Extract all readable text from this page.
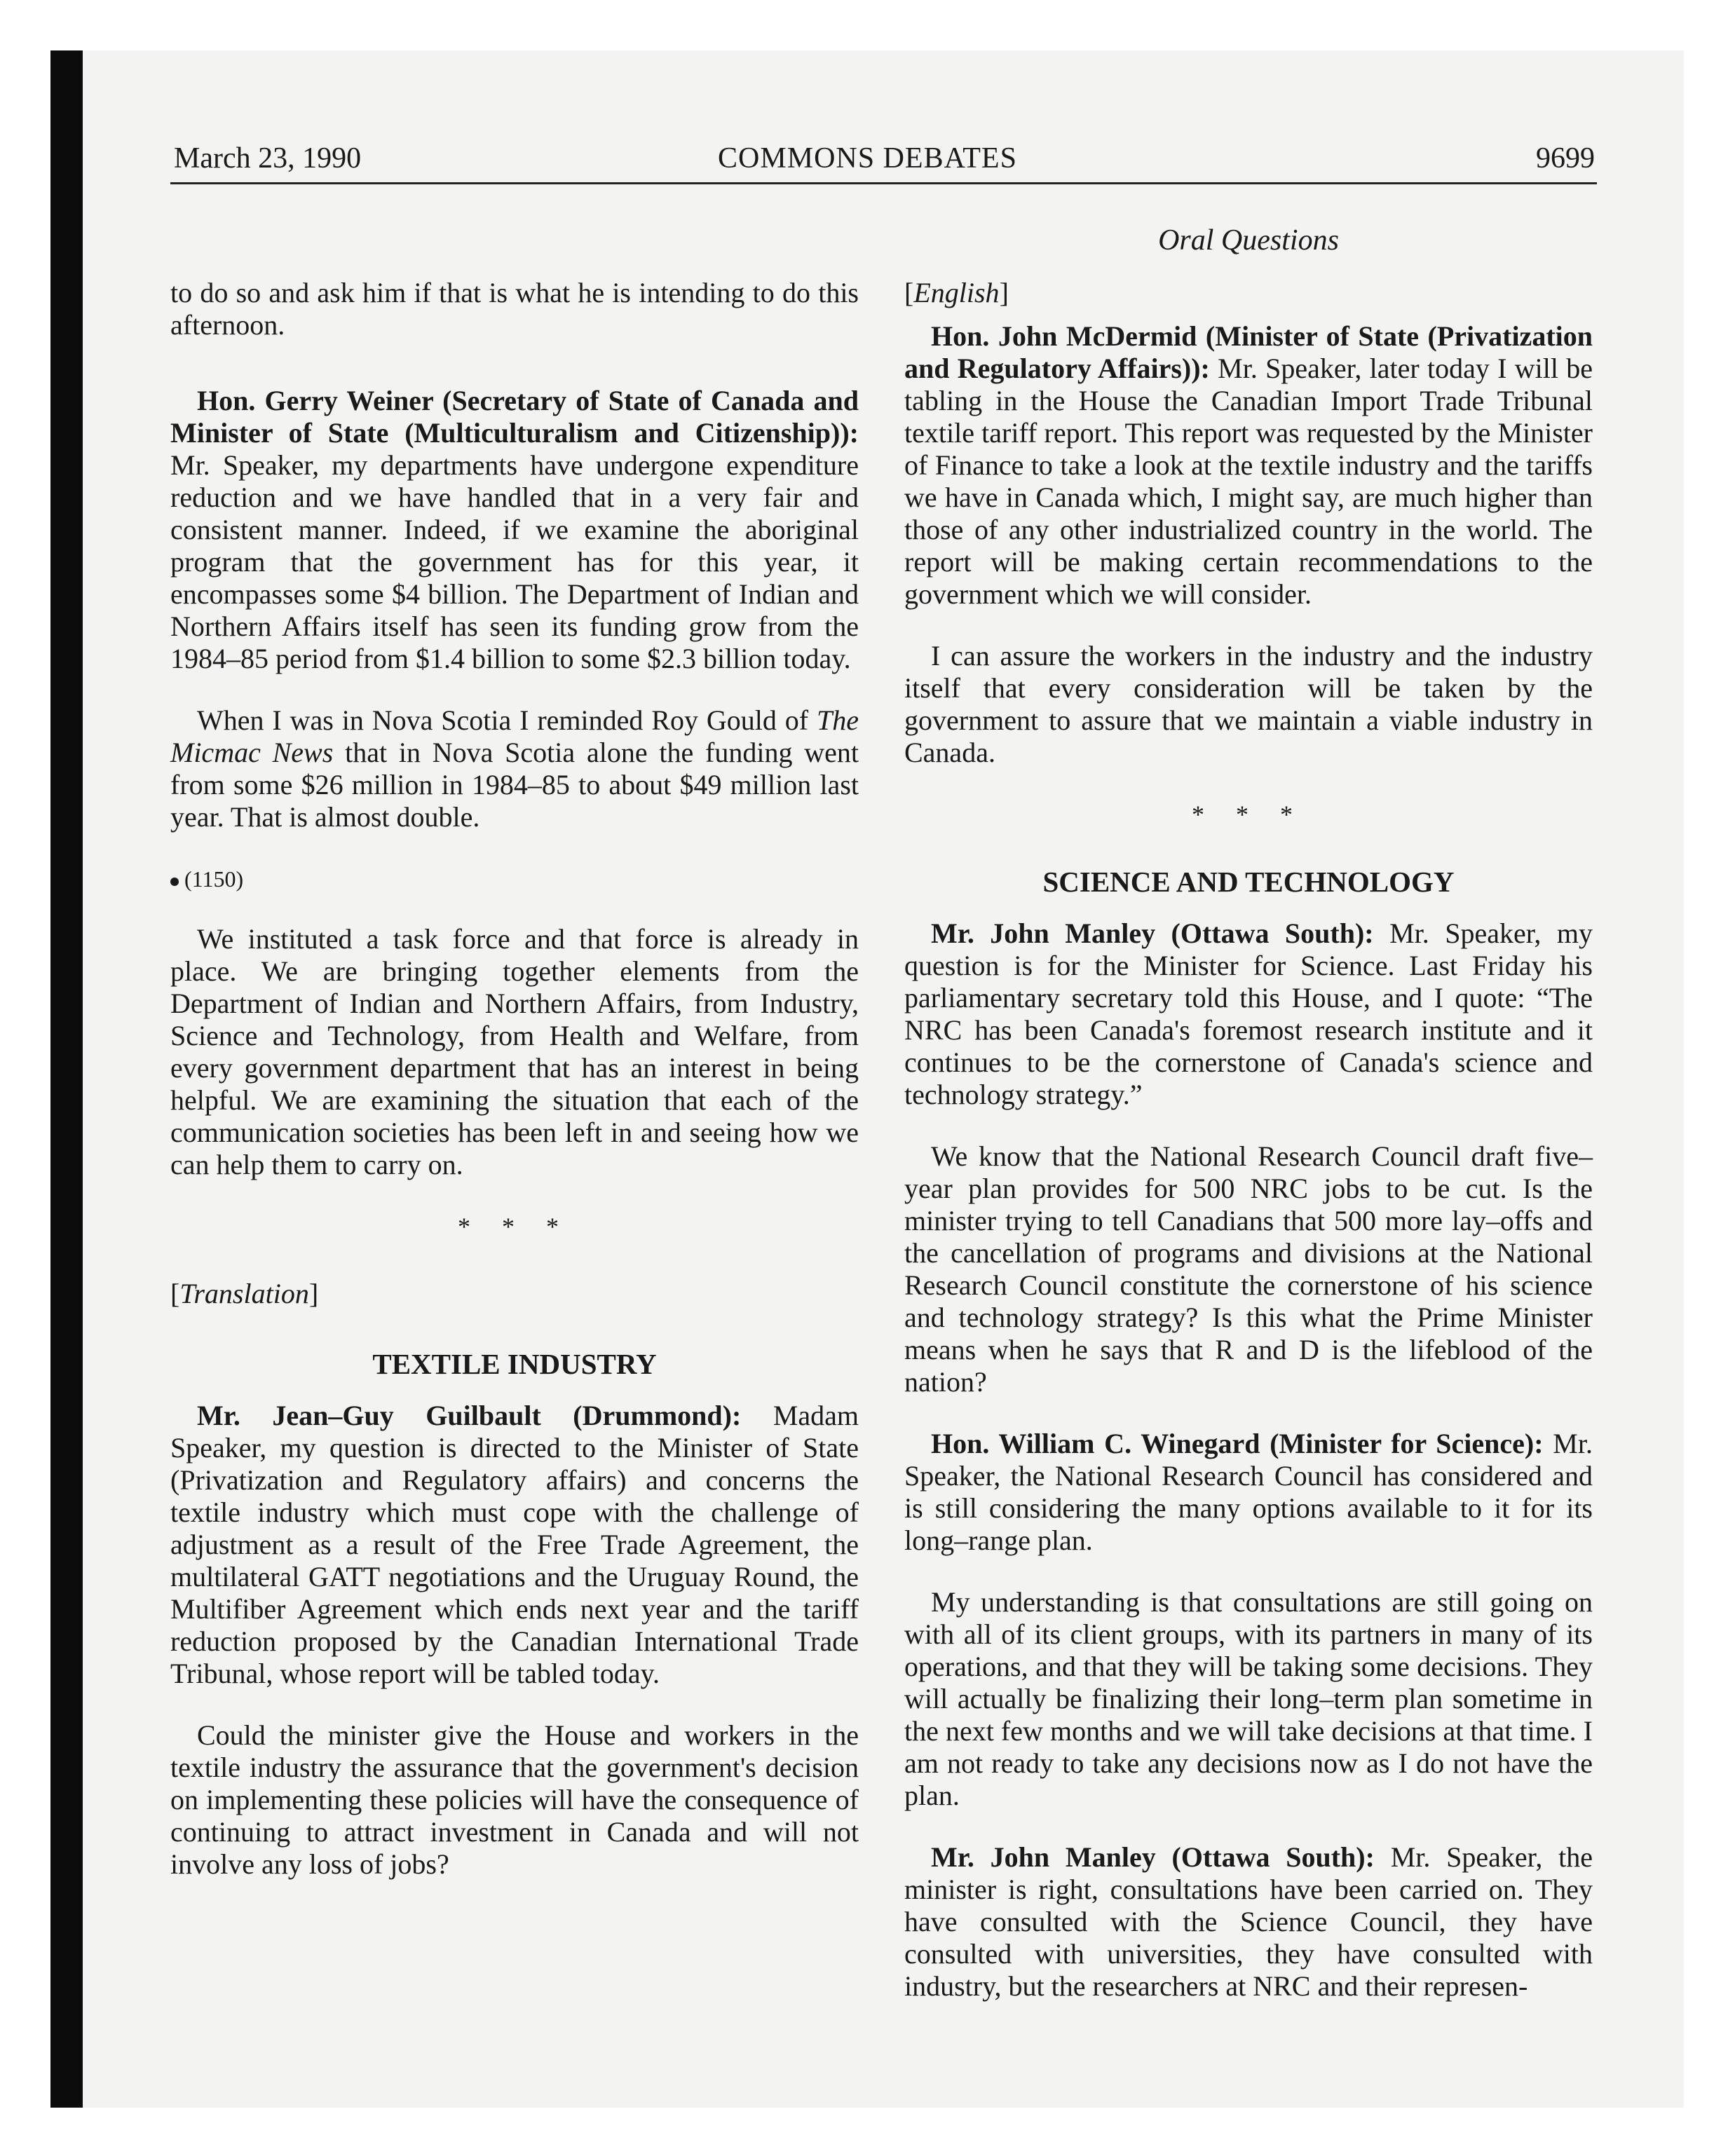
March 23, 1990	COMMONS DEBATES	9699
Oral Questions

to do so and ask him if that is what he is intending to do this afternoon.

Hon. Gerry Weiner (Secretary of State of Canada and Minister of State (Multiculturalism and Citizenship)): Mr. Speaker, my departments have undergone expenditure reduction and we have handled that in a very fair and consistent manner. Indeed, if we examine the aboriginal program that the government has for this year, it encompasses some $4 billion. The Department of Indian and Northern Affairs itself has seen its funding grow from the 1984–85 period from $1.4 billion to some $2.3 billion today.

When I was in Nova Scotia I reminded Roy Gould of The Micmac News that in Nova Scotia alone the funding went from some $26 million in 1984–85 to about $49 million last year. That is almost double.

(1150)

We instituted a task force and that force is already in place. We are bringing together elements from the Department of Indian and Northern Affairs, from Industry, Science and Technology, from Health and Welfare, from every government department that has an interest in being helpful. We are examining the situation that each of the communication societies has been left in and seeing how we can help them to carry on.

* * *

[Translation]

TEXTILE INDUSTRY

Mr. Jean–Guy Guilbault (Drummond): Madam Speaker, my question is directed to the Minister of State (Privatization and Regulatory affairs) and concerns the textile industry which must cope with the challenge of adjustment as a result of the Free Trade Agreement, the multilateral GATT negotiations and the Uruguay Round, the Multifiber Agreement which ends next year and the tariff reduction proposed by the Canadian International Trade Tribunal, whose report will be tabled today.

Could the minister give the House and workers in the textile industry the assurance that the government's decision on implementing these policies will have the consequence of continuing to attract investment in Canada and will not involve any loss of jobs?

[English]

Hon. John McDermid (Minister of State (Privatization and Regulatory Affairs)): Mr. Speaker, later today I will be tabling in the House the Canadian Import Trade Tribunal textile tariff report. This report was requested by the Minister of Finance to take a look at the textile industry and the tariffs we have in Canada which, I might say, are much higher than those of any other industrialized country in the world. The report will be making certain recommendations to the government which we will consider.

I can assure the workers in the industry and the industry itself that every consideration will be taken by the government to assure that we maintain a viable industry in Canada.

* * *
SCIENCE AND TECHNOLOGY

Mr. John Manley (Ottawa South): Mr. Speaker, my question is for the Minister for Science. Last Friday his parliamentary secretary told this House, and I quote: “The NRC has been Canada's foremost research institute and it continues to be the cornerstone of Canada's science and technology strategy.”

We know that the National Research Council draft five–year plan provides for 500 NRC jobs to be cut. Is the minister trying to tell Canadians that 500 more lay–offs and the cancellation of programs and divisions at the National Research Council constitute the cornerstone of his science and technology strategy? Is this what the Prime Minister means when he says that R and D is the lifeblood of the nation?

Hon. William C. Winegard (Minister for Science): Mr. Speaker, the National Research Council has considered and is still considering the many options available to it for its long–range plan.

My understanding is that consultations are still going on with all of its client groups, with its partners in many of its operations, and that they will be taking some decisions. They will actually be finalizing their long–term plan sometime in the next few months and we will take decisions at that time. I am not ready to take any decisions now as I do not have the plan.

Mr. John Manley (Ottawa South): Mr. Speaker, the minister is right, consultations have been carried on. They have consulted with the Science Council, they have consulted with universities, they have consulted with industry, but the researchers at NRC and their represen-
